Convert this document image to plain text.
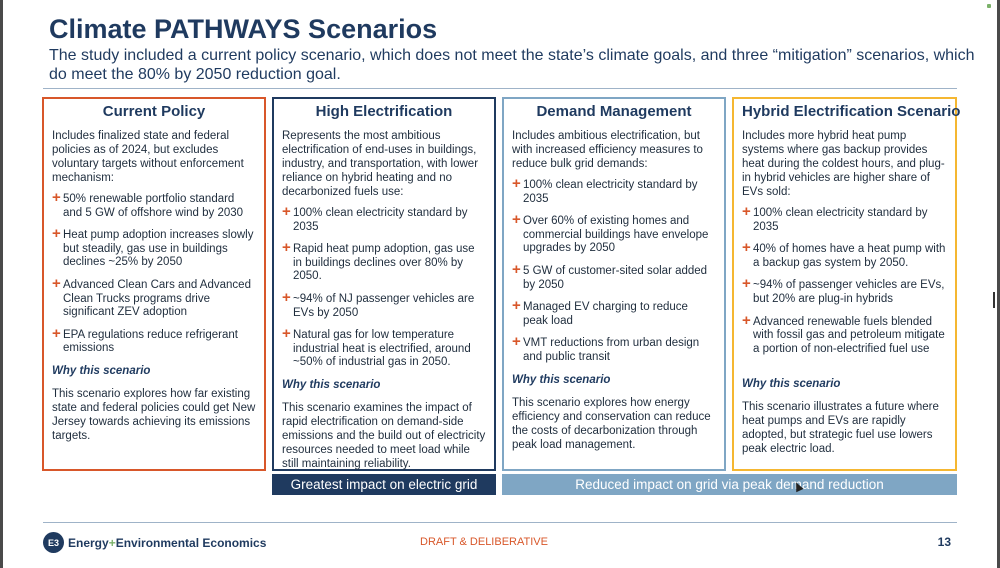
Climate PATHWAYS Scenarios
The study included a current policy scenario, which does not meet the state’s climate goals, and three “mitigation” scenarios, which do meet the 80% by 2050 reduction goal.
Current Policy
Includes finalized state and federal policies as of 2024, but excludes voluntary targets without enforcement mechanism:
+ 50% renewable portfolio standard and 5 GW of offshore wind by 2030
+ Heat pump adoption increases slowly but steadily, gas use in buildings declines ~25% by 2050
+ Advanced Clean Cars and Advanced Clean Trucks programs drive significant ZEV adoption
+ EPA regulations reduce refrigerant emissions
Why this scenario
This scenario explores how far existing state and federal policies could get New Jersey towards achieving its emissions targets.
High Electrification
Represents the most ambitious electrification of end-uses in buildings, industry, and transportation, with lower reliance on hybrid heating and no decarbonized fuels use:
+ 100% clean electricity standard by 2035
+ Rapid heat pump adoption, gas use in buildings declines over 80% by 2050.
+ ~94% of NJ passenger vehicles are EVs by 2050
+ Natural gas for low temperature industrial heat is electrified, around ~50% of industrial gas in 2050.
Why this scenario
This scenario examines the impact of rapid electrification on demand-side emissions and the build out of electricity resources needed to meet load while still maintaining reliability.
Demand Management
Includes ambitious electrification, but with increased efficiency measures to reduce bulk grid demands:
+ 100% clean electricity standard by 2035
+ Over 60% of existing homes and commercial buildings have envelope upgrades by 2050
+ 5 GW of customer-sited solar added by 2050
+ Managed EV charging to reduce peak load
+ VMT reductions from urban design and public transit
Why this scenario
This scenario explores how energy efficiency and conservation can reduce the costs of decarbonization through peak load management.
Hybrid Electrification Scenario
Includes more hybrid heat pump systems where gas backup provides heat during the coldest hours, and plug-in hybrid vehicles are higher share of EVs sold:
+ 100% clean electricity standard by 2035
+ 40% of homes have a heat pump with a backup gas system by 2050.
+ ~94% of passenger vehicles are EVs, but 20% are plug-in hybrids
+ Advanced renewable fuels blended with fossil gas and petroleum mitigate a portion of non-electrified fuel use
Why this scenario
This scenario illustrates a future where heat pumps and EVs are rapidly adopted, but strategic fuel use lowers peak electric load.
Greatest impact on electric grid	Reduced impact on grid via peak demand reduction
E3 Energy+Environmental Economics	DRAFT & DELIBERATIVE	13
